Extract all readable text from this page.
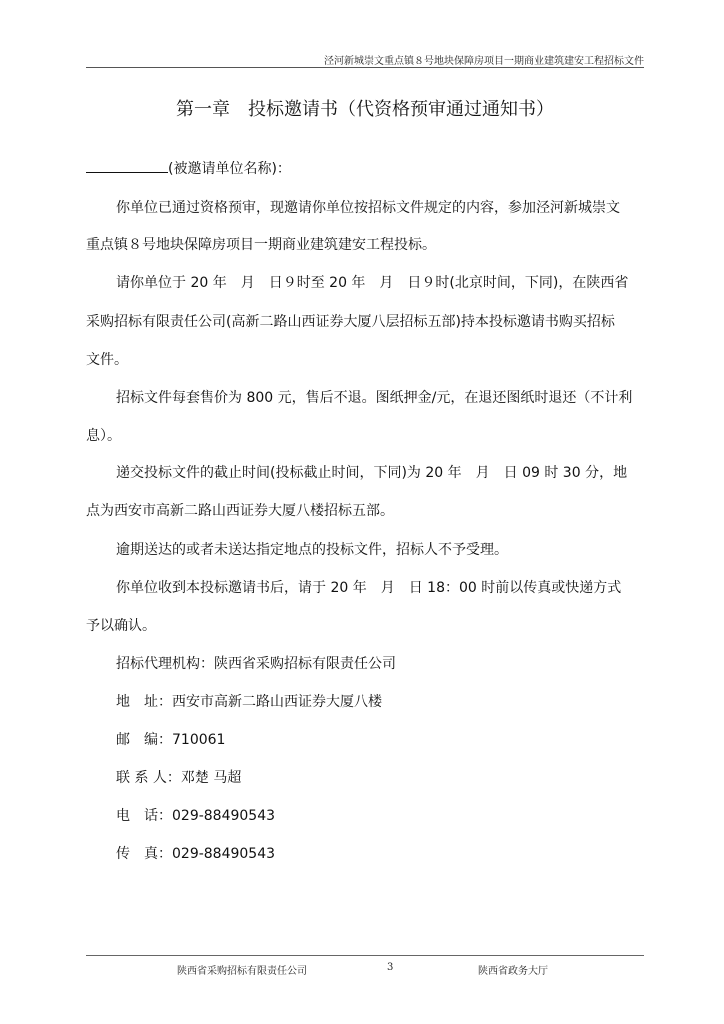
泾河新城崇文重点镇８号地块保障房项目一期商业建筑建安工程招标文件
第一章　投标邀请书（代资格预审通过通知书）
(被邀请单位名称)：
你单位已通过资格预审，现邀请你单位按招标文件规定的内容，参加泾河新城崇文
重点镇８号地块保障房项目一期商业建筑建安工程投标。
请你单位于 20 年　月　日９时至 20 年　月　日９时(北京时间，下同)，在陕西省
采购招标有限责任公司(高新二路山西证券大厦八层招标五部)持本投标邀请书购买招标
文件。
招标文件每套售价为 800 元，售后不退。图纸押金/元，在退还图纸时退还（不计利
息）。
递交投标文件的截止时间(投标截止时间，下同)为 20 年　月　日 09 时 30 分，地
点为西安市高新二路山西证券大厦八楼招标五部。
逾期送达的或者未送达指定地点的投标文件，招标人不予受理。
你单位收到本投标邀请书后，请于 20 年　月　日 18：00 时前以传真或快递方式
予以确认。
招标代理机构：陕西省采购招标有限责任公司
地　址：西安市高新二路山西证券大厦八楼
邮　编：710061
联 系 人：邓楚 马超
电　话：029-88490543
传　真：029-88490543
陕西省采购招标有限责任公司	3	陕西省政务大厅
